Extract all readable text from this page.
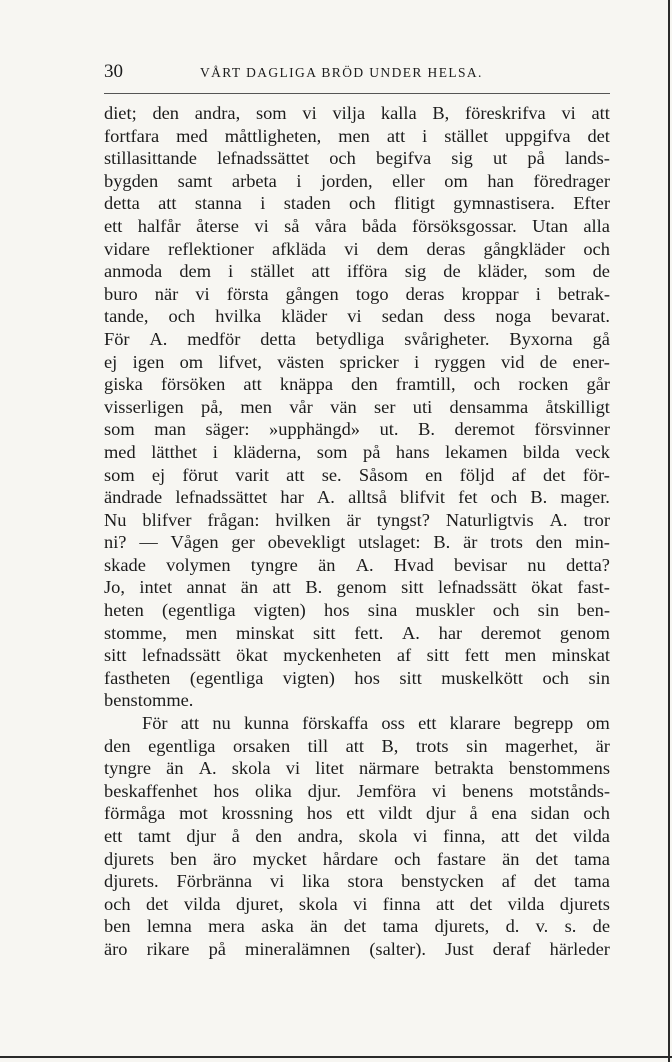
30	VÅRT DAGLIGA BRÖD UNDER HELSA.
diet; den andra, som vi vilja kalla B, föreskrifva vi att
fortfara med måttligheten, men att i stället uppgifva det
stillasittande lefnadssättet och begifva sig ut på lands-
bygden samt arbeta i jorden, eller om han föredrager
detta att stanna i staden och flitigt gymnastisera. Efter
ett halfår återse vi så våra båda försöksgossar. Utan alla
vidare reflektioner afkläda vi dem deras gångkläder och
anmoda dem i stället att ifföra sig de kläder, som de
buro när vi första gången togo deras kroppar i betrak-
tande, och hvilka kläder vi sedan dess noga bevarat.
För A. medför detta betydliga svårigheter. Byxorna gå
ej igen om lifvet, västen spricker i ryggen vid de ener-
giska försöken att knäppa den framtill, och rocken går
visserligen på, men vår vän ser uti densamma åtskilligt
som man säger: »upphängd» ut. B. deremot försvinner
med lätthet i kläderna, som på hans lekamen bilda veck
som ej förut varit att se. Såsom en följd af det för-
ändrade lefnadssättet har A. alltså blifvit fet och B. mager.
Nu blifver frågan: hvilken är tyngst? Naturligtvis A. tror
ni? — Vågen ger obevekligt utslaget: B. är trots den min-
skade volymen tyngre än A. Hvad bevisar nu detta?
Jo, intet annat än att B. genom sitt lefnadssätt ökat fast-
heten (egentliga vigten) hos sina muskler och sin ben-
stomme, men minskat sitt fett. A. har deremot genom
sitt lefnadssätt ökat myckenheten af sitt fett men minskat
fastheten (egentliga vigten) hos sitt muskelkött och sin
benstomme.
För att nu kunna förskaffa oss ett klarare begrepp om
den egentliga orsaken till att B, trots sin magerhet, är
tyngre än A. skola vi litet närmare betrakta benstommens
beskaffenhet hos olika djur. Jemföra vi benens motstånds-
förmåga mot krossning hos ett vildt djur å ena sidan och
ett tamt djur å den andra, skola vi finna, att det vilda
djurets ben äro mycket hårdare och fastare än det tama
djurets. Förbränna vi lika stora benstycken af det tama
och det vilda djuret, skola vi finna att det vilda djurets
ben lemna mera aska än det tama djurets, d. v. s. de
äro rikare på mineralämnen (salter). Just deraf härleder
